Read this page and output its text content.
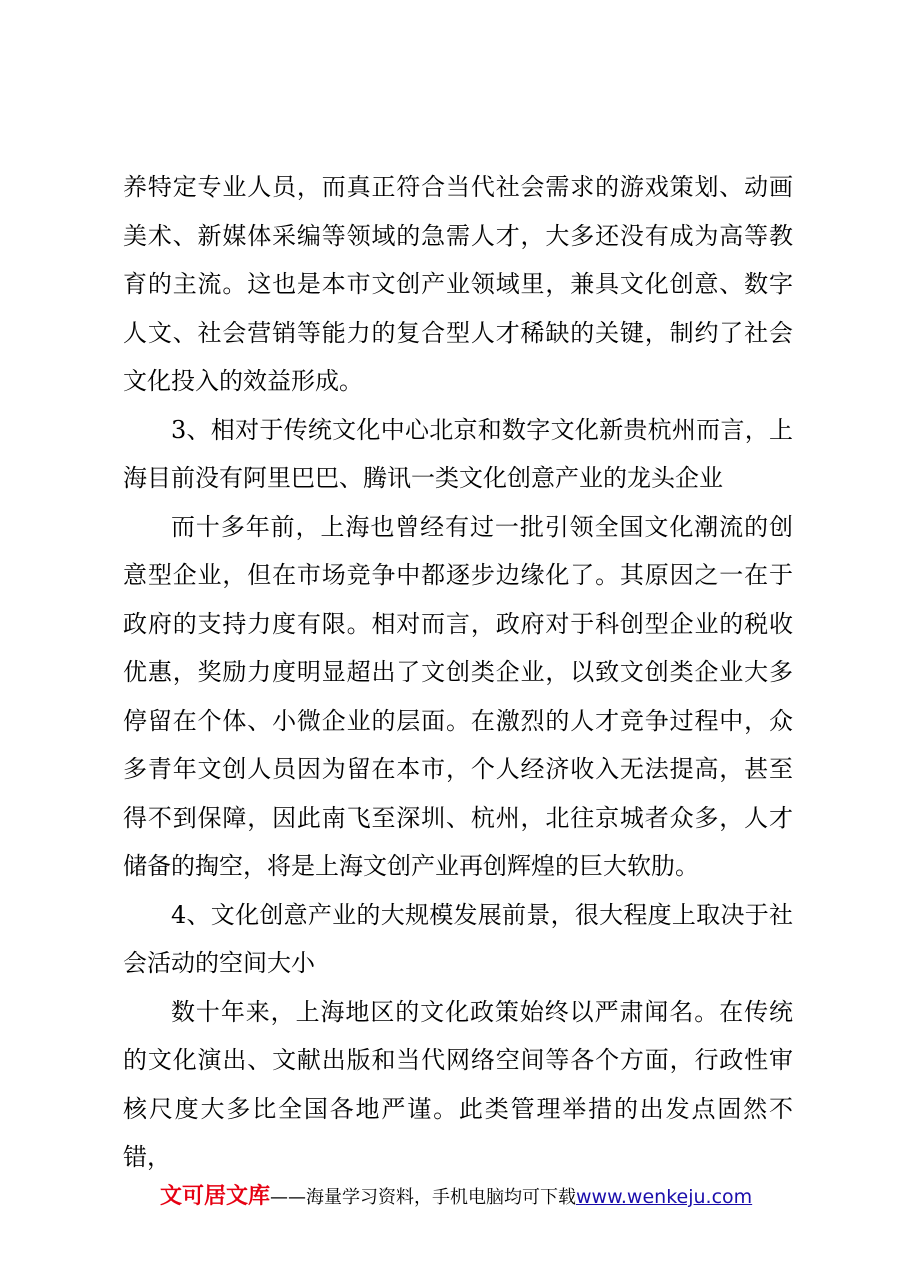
养特定专业人员，而真正符合当代社会需求的游戏策划、动画美术、新媒体采编等领域的急需人才，大多还没有成为高等教育的主流。这也是本市文创产业领域里，兼具文化创意、数字人文、社会营销等能力的复合型人才稀缺的关键，制约了社会文化投入的效益形成。

3、相对于传统文化中心北京和数字文化新贵杭州而言，上海目前没有阿里巴巴、腾讯一类文化创意产业的龙头企业

而十多年前，上海也曾经有过一批引领全国文化潮流的创意型企业，但在市场竞争中都逐步边缘化了。其原因之一在于政府的支持力度有限。相对而言，政府对于科创型企业的税收优惠，奖励力度明显超出了文创类企业，以致文创类企业大多停留在个体、小微企业的层面。在激烈的人才竞争过程中，众多青年文创人员因为留在本市，个人经济收入无法提高，甚至得不到保障，因此南飞至深圳、杭州，北往京城者众多，人才储备的掏空，将是上海文创产业再创辉煌的巨大软肋。

4、文化创意产业的大规模发展前景，很大程度上取决于社会活动的空间大小

数十年来，上海地区的文化政策始终以严肃闻名。在传统的文化演出、文献出版和当代网络空间等各个方面，行政性审核尺度大多比全国各地严谨。此类管理举措的出发点固然不错，

文可居文库——海量学习资料，手机电脑均可下载www.wenkeju.com
